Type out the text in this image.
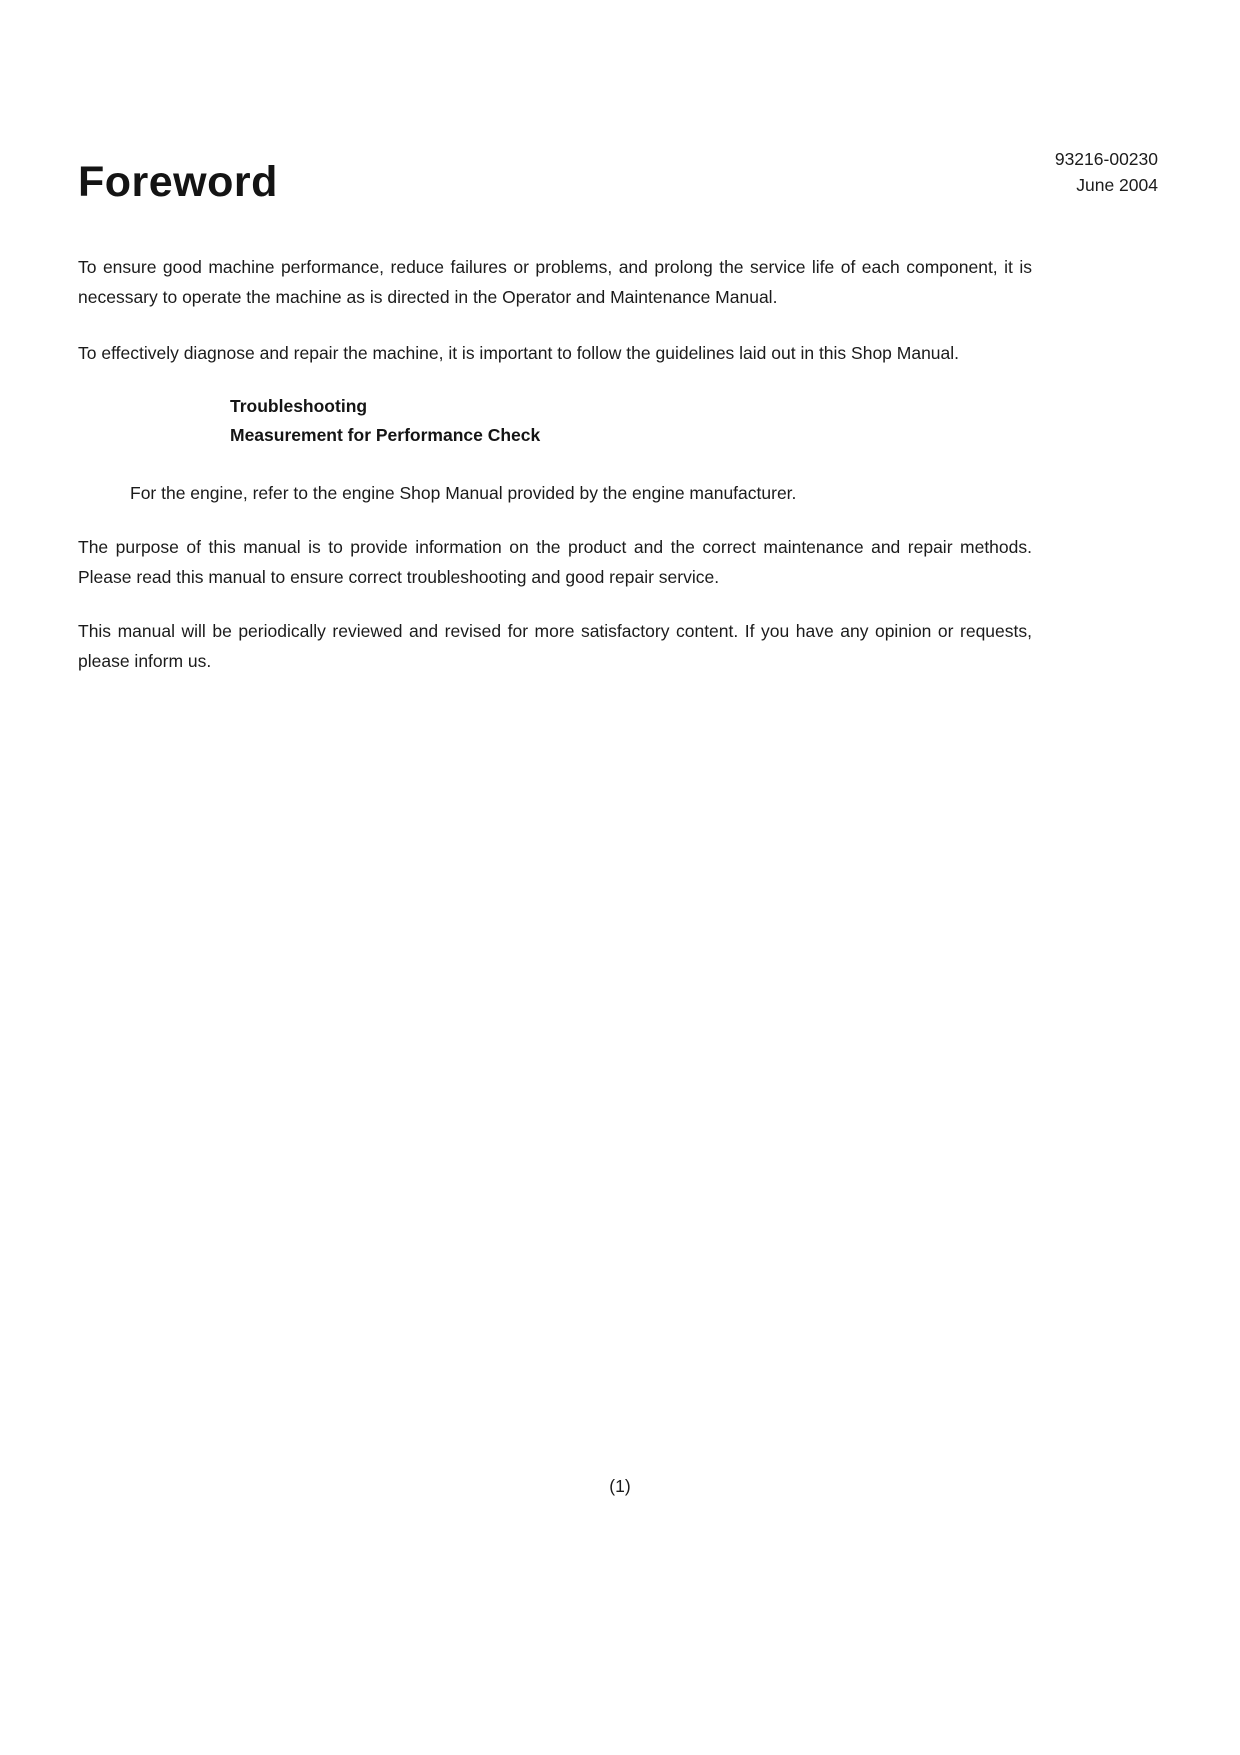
93216-00230
June 2004
Foreword

To ensure good machine performance, reduce failures or problems, and prolong the service life of each component, it is necessary to operate the machine as is directed in the Operator and Maintenance Manual.

To effectively diagnose and repair the machine, it is important to follow the guidelines laid out in this Shop Manual.

Troubleshooting
Measurement for Performance Check

For the engine, refer to the engine Shop Manual provided by the engine manufacturer.

The purpose of this manual is to provide information on the product and the correct maintenance and repair methods. Please read this manual to ensure correct troubleshooting and good repair service.

This manual will be periodically reviewed and revised for more satisfactory content. If you have any opinion or requests, please inform us.

(1)
